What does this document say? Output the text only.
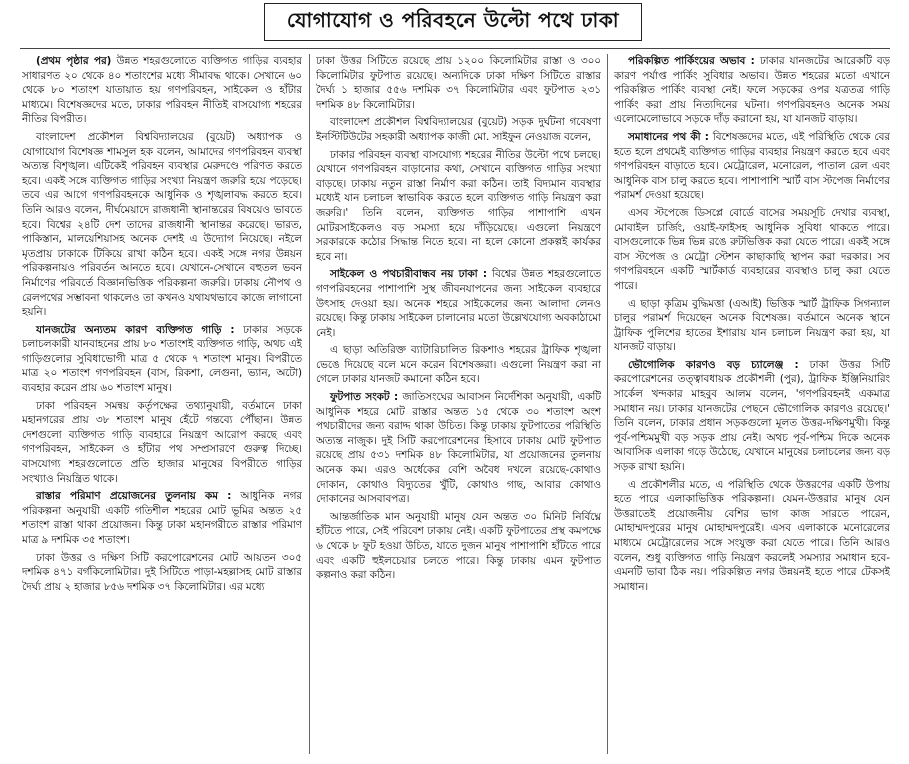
যোগাযোগ ও পরিবহনে উল্টো পথে ঢাকা

(প্রথম পৃষ্ঠার পর) উন্নত শহরগুলোতে ব্যক্তিগত গাড়ির ব্যবহার সাধারণত ২০ থেকে ৪০ শতাংশের মধ্যে সীমাবদ্ধ থাকে। সেখানে ৬০ থেকে ৮০ শতাংশ যাতায়াত হয় গণপরিবহন, সাইকেল ও হাঁটার মাধ্যমে। বিশেষজ্ঞদের মতে, ঢাকার পরিবহন নীতিই বাসযোগ্য শহরের নীতির বিপরীত।

বাংলাদেশ প্রকৌশল বিশ্ববিদ্যালয়ের (বুয়েট) অধ্যাপক ও যোগাযোগ বিশেষজ্ঞ শামসুল হক বলেন, আমাদের গণপরিবহন ব্যবস্থা অত্যন্ত বিশৃঙ্খল। এটিকেই পরিবহন ব্যবস্থার মেরুদণ্ডে পরিণত করতে হবে। একই সঙ্গে ব্যক্তিগত গাড়ির সংখ্যা নিয়ন্ত্রণ জরুরি হয়ে পড়েছে। তবে এর আগে গণপরিবহনকে আধুনিক ও শৃঙ্খলাবদ্ধ করতে হবে। তিনি আরও বলেন, দীর্ঘমেয়াদে রাজধানী স্থানান্তরের বিষয়েও ভাবতে হবে। বিশ্বের ২৪টি দেশ তাদের রাজধানী স্থানান্তর করেছে। ভারত, পাকিস্তান, মালয়েশিয়াসহ অনেক দেশই এ উদ্যোগ নিয়েছে। নইলে মৃতপ্রায় ঢাকাকে টিকিয়ে রাখা কঠিন হবে। একই সঙ্গে নগর উন্নয়ন পরিকল্পনায়ও পরিবর্তন আনতে হবে। যেখানে-সেখানে বহুতল ভবন নির্মাণের পরিবর্তে বিজ্ঞানভিত্তিক পরিকল্পনা জরুরি। ঢাকায় নৌপথ ও রেলপথের সম্ভাবনা থাকলেও তা কখনও যথাযথভাবে কাজে লাগানো হয়নি।

যানজটের অন্যতম কারণ ব্যক্তিগত গাড়ি : ঢাকার সড়কে চলাচলকারী যানবাহনের প্রায় ৮০ শতাংশই ব্যক্তিগত গাড়ি, অথচ এই গাড়িগুলোর সুবিধাভোগী মাত্র ৫ থেকে ৭ শতাংশ মানুষ। বিপরীতে মাত্র ২০ শতাংশ গণপরিবহন (বাস, রিকশা, লেগুনা, ভ্যান, অটো) ব্যবহার করেন প্রায় ৬০ শতাংশ মানুষ।

ঢাকা পরিবহন সমন্বয় কর্তৃপক্ষের তথ্যানুযায়ী, বর্তমানে ঢাকা মহানগরের প্রায় ৩৮ শতাংশ মানুষ হেঁটে গন্তব্যে পৌঁছান। উন্নত দেশগুলো ব্যক্তিগত গাড়ি ব্যবহারে নিয়ন্ত্রণ আরোপ করছে এবং গণপরিবহন, সাইকেল ও হাঁটার পথ সম্প্রসারণে গুরুত্ব দিচ্ছে। বাসযোগ্য শহরগুলোতে প্রতি হাজার মানুষের বিপরীতে গাড়ির সংখ্যাও নিয়ন্ত্রিত থাকে।

রাস্তার পরিমাণ প্রয়োজনের তুলনায় কম : আধুনিক নগর পরিকল্পনা অনুযায়ী একটি গতিশীল শহরের মোট ভূমির অন্তত ২৫ শতাংশ রাস্তা থাকা প্রয়োজন। কিন্তু ঢাকা মহানগরীতে রাস্তার পরিমাণ মাত্র ৯ দশমিক ৩৫ শতাংশ।

ঢাকা উত্তর ও দক্ষিণ সিটি করপোরেশনের মোট আয়তন ৩০৫ দশমিক ৪৭১ বর্গকিলোমিটার। দুই সিটিতে পাড়া-মহল্লাসহ মোট রাস্তার দৈর্ঘ্য প্রায় ২ হাজার ৮৫৬ দশমিক ৩৭ কিলোমিটার। এর মধ্যে

ঢাকা উত্তর সিটিতে রয়েছে প্রায় ১২০০ কিলোমিটার রাস্তা ও ৩০০ কিলোমিটার ফুটপাত রয়েছে। অন্যদিকে ঢাকা দক্ষিণ সিটিতে রাস্তার দৈর্ঘ্য ১ হাজার ৫৫৬ দশমিক ৩৭ কিলোমিটার এবং ফুটপাত ২৩১ দশমিক ৪৮ কিলোমিটার।

বাংলাদেশ প্রকৌশল বিশ্ববিদ্যালয়ের (বুয়েট) সড়ক দুর্ঘটনা গবেষণা ইনস্টিটিউটের সহকারী অধ্যাপক কাজী মো. সাইফুন নেওয়াজ বলেন,

ঢাকার পরিবহন ব্যবস্থা বাসযোগ্য শহরের নীতির উল্টো পথে চলছে। যেখানে গণপরিবহন বাড়ানোর কথা, সেখানে ব্যক্তিগত গাড়ির সংখ্যা বাড়ছে। ঢাকায় নতুন রাস্তা নির্মাণ করা কঠিন। তাই বিদ্যমান ব্যবস্থার মধ্যেই যান চলাচল স্বাভাবিক করতে হলে ব্যক্তিগত গাড়ি নিয়ন্ত্রণ করা জরুরি।' তিনি বলেন, ব্যক্তিগত গাড়ির পাশাপাশি এখন মোটরসাইকেলও বড় সমস্যা হয়ে দাঁড়িয়েছে। এগুলো নিয়ন্ত্রণে সরকারকে কঠোর সিদ্ধান্ত নিতে হবে। না হলে কোনো প্রকল্পই কার্যকর হবে না।

সাইকেল ও পথচারীবান্ধব নয় ঢাকা : বিশ্বের উন্নত শহরগুলোতে গণপরিবহনের পাশাপাশি সুস্থ জীবনযাপনের জন্য সাইকেল ব্যবহারে উৎসাহ দেওয়া হয়। অনেক শহরে সাইকেলের জন্য আলাদা লেনও রয়েছে। কিন্তু ঢাকায় সাইকেল চালানোর মতো উল্লেখযোগ্য অবকাঠামো নেই।

এ ছাড়া অতিরিক্ত ব্যাটারিচালিত রিকশাও শহরের ট্রাফিক শৃঙ্খলা ভেঙে দিয়েছে বলে মনে করেন বিশেষজ্ঞরা। এগুলো নিয়ন্ত্রণ করা না গেলে ঢাকার যানজট কমানো কঠিন হবে।

ফুটপাত সংকট : জাতিসংঘের আবাসন নির্দেশিকা অনুযায়ী, একটি আধুনিক শহরে মোট রাস্তার অন্তত ১৫ থেকে ৩০ শতাংশ অংশ পথচারীদের জন্য বরাদ্দ থাকা উচিত। কিন্তু ঢাকায় ফুটপাতের পরিস্থিতি অত্যন্ত নাজুক। দুই সিটি করপোরেশনের হিসাবে ঢাকায় মোট ফুটপাত রয়েছে প্রায় ৫৩১ দশমিক ৪৮ কিলোমিটার, যা প্রয়োজনের তুলনায় অনেক কম। এরও অর্ধেকের বেশি অবৈধ দখলে রয়েছে-কোথাও দোকান, কোথাও বিদ্যুতের খুঁটি, কোথাও গাছ, আবার কোথাও দোকানের আসবাবপত্র।

আন্তর্জাতিক মান অনুযায়ী মানুষ যেন অন্তত ৩০ মিনিট নির্বিঘ্নে হাঁটতে পারে, সেই পরিবেশ ঢাকায় নেই। একটি ফুটপাতের প্রস্থ কমপক্ষে ৬ থেকে ৮ ফুট হওয়া উচিত, যাতে দুজন মানুষ পাশাপাশি হাঁটতে পারে এবং একটি হুইলচেয়ার চলতে পারে। কিন্তু ঢাকায় এমন ফুটপাত কল্পনাও করা কঠিন।

পরিকল্পিত পার্কিংয়ের অভাব : ঢাকার যানজটের আরেকটি বড় কারণ পর্যাপ্ত পার্কিং সুবিধার অভাব। উন্নত শহরের মতো এখানে পরিকল্পিত পার্কিং ব্যবস্থা নেই। ফলে সড়কের ওপর যত্রতত্র গাড়ি পার্কিং করা প্রায় নিত্যদিনের ঘটনা। গণপরিবহনও অনেক সময় এলোমেলোভাবে সড়কে দাঁড় করানো হয়, যা যানজট বাড়ায়।

সমাধানের পথ কী : বিশেষজ্ঞদের মতে, এই পরিস্থিতি থেকে বের হতে হলে প্রথমেই ব্যক্তিগত গাড়ির ব্যবহার নিয়ন্ত্রণ করতে হবে এবং গণপরিবহন বাড়াতে হবে। মেট্রোরেল, মনোরেল, পাতাল রেল এবং আধুনিক বাস চালু করতে হবে। পাশাপাশি স্মার্ট বাস স্টপেজ নির্মাণের পরামর্শ দেওয়া হয়েছে।

এসব স্টপেজে ডিসপ্লে বোর্ডে বাসের সময়সূচি দেখার ব্যবস্থা, মোবাইল চার্জিং, ওয়াই-ফাইসহ আধুনিক সুবিধা থাকতে পারে। বাসগুলোকে ভিন্ন ভিন্ন রঙে রুটভিত্তিক করা যেতে পারে। একই সঙ্গে বাস স্টপেজ ও মেট্রো স্টেশন কাছাকাছি স্থাপন করা দরকার। সব গণপরিবহনে একটি স্মার্টকার্ড ব্যবহারের ব্যবস্থাও চালু করা যেতে পারে।

এ ছাড়া কৃত্রিম বুদ্ধিমত্তা (এআই) ভিত্তিক স্মার্ট ট্রাফিক সিগন্যাল চালুর পরামর্শ দিয়েছেন অনেক বিশেষজ্ঞ। বর্তমানে অনেক স্থানে ট্রাফিক পুলিশের হাতের ইশারায় যান চলাচল নিয়ন্ত্রণ করা হয়, যা যানজট বাড়ায়।

ভৌগোলিক কারণও বড় চ্যালেঞ্জ : ঢাকা উত্তর সিটি করপোরেশনের তত্ত্বাবধায়ক প্রকৌশলী (পুর), ট্রাফিক ইঞ্জিনিয়ারিং সার্কেল খন্দকার মাহবুব আলম বলেন, 'গণপরিবহনই একমাত্র সমাধান নয়। ঢাকার যানজটের পেছনে ভৌগোলিক কারণও রয়েছে।' তিনি বলেন, ঢাকার প্রধান সড়কগুলো মূলত উত্তর-দক্ষিণমুখী। কিন্তু পূর্ব-পশ্চিমমুখী বড় সড়ক প্রায় নেই। অথচ পূর্ব-পশ্চিম দিকে অনেক আবাসিক এলাকা গড়ে উঠেছে, যেখানে মানুষের চলাচলের জন্য বড় সড়ক রাখা হয়নি।

এ প্রকৌশলীর মতে, এ পরিস্থিতি থেকে উত্তরণের একটি উপায় হতে পারে এলাকাভিত্তিক পরিকল্পনা। যেমন-উত্তরার মানুষ যেন উত্তরাতেই প্রয়োজনীয় বেশির ভাগ কাজ সারতে পারেন, মোহাম্মদপুরের মানুষ মোহাম্মদপুরেই। এসব এলাকাকে মনোরেলের মাধ্যমে মেট্রোরেলের সঙ্গে সংযুক্ত করা যেতে পারে। তিনি আরও বলেন, শুধু ব্যক্তিগত গাড়ি নিয়ন্ত্রণ করলেই সমস্যার সমাধান হবে-এমনটি ভাবা ঠিক নয়। পরিকল্পিত নগর উন্নয়নই হতে পারে টেকসই সমাধান।
